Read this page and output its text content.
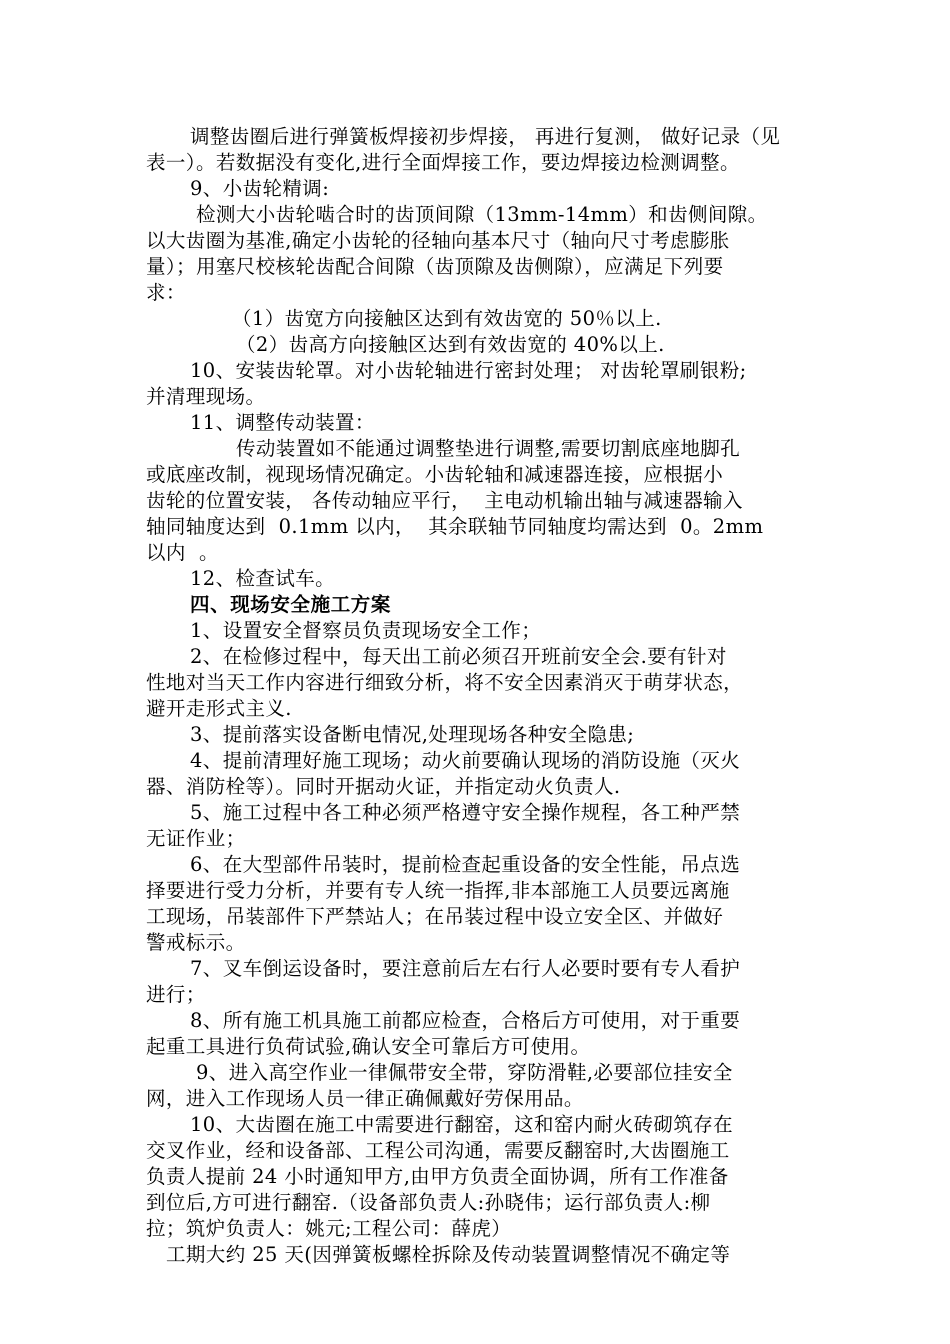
调整齿圈后进行弹簧板焊接初步焊接， 再进行复测， 做好记录（见
表一）。若数据没有变化,进行全面焊接工作，要边焊接边检测调整。
9、小齿轮精调:
检测大小齿轮啮合时的齿顶间隙（13mm-14mm）和齿侧间隙。
以大齿圈为基准,确定小齿轮的径轴向基本尺寸（轴向尺寸考虑膨胀
量）；用塞尺校核轮齿配合间隙（齿顶隙及齿侧隙），应满足下列要
求：
（1）齿宽方向接触区达到有效齿宽的 50％以上.
（2）齿高方向接触区达到有效齿宽的 40%以上.
10、安装齿轮罩。对小齿轮轴进行密封处理； 对齿轮罩刷银粉;
并清理现场。
11、调整传动装置：
传动装置如不能通过调整垫进行调整,需要切割底座地脚孔
或底座改制，视现场情况确定。小齿轮轴和减速器连接，应根据小
齿轮的位置安装， 各传动轴应平行，  主电动机输出轴与减速器输入
轴同轴度达到  0.1mm 以内，  其余联轴节同轴度均需达到  0。2mm
以内  。
12、检查试车。
四、现场安全施工方案
1、设置安全督察员负责现场安全工作；
2、在检修过程中，每天出工前必须召开班前安全会.要有针对
性地对当天工作内容进行细致分析，将不安全因素消灭于萌芽状态，
避开走形式主义.
3、提前落实设备断电情况,处理现场各种安全隐患;
4、提前清理好施工现场；动火前要确认现场的消防设施（灭火
器、消防栓等）。同时开据动火证，并指定动火负责人.
5、施工过程中各工种必须严格遵守安全操作规程，各工种严禁
无证作业；
6、在大型部件吊装时，提前检查起重设备的安全性能，吊点选
择要进行受力分析，并要有专人统一指挥,非本部施工人员要远离施
工现场，吊装部件下严禁站人；在吊装过程中设立安全区、并做好
警戒标示。
7、叉车倒运设备时，要注意前后左右行人必要时要有专人看护
进行；
8、所有施工机具施工前都应检查，合格后方可使用，对于重要
起重工具进行负荷试验,确认安全可靠后方可使用。
9、进入高空作业一律佩带安全带，穿防滑鞋,必要部位挂安全
网，进入工作现场人员一律正确佩戴好劳保用品。
10、大齿圈在施工中需要进行翻窑，这和窑内耐火砖砌筑存在
交叉作业，经和设备部、工程公司沟通，需要反翻窑时,大齿圈施工
负责人提前 24 小时通知甲方,由甲方负责全面协调，所有工作准备
到位后,方可进行翻窑.（设备部负责人:孙晓伟；运行部负责人:柳
拉；筑炉负责人：姚元;工程公司：薛虎）
工期大约 25 天(因弹簧板螺栓拆除及传动装置调整情况不确定等
